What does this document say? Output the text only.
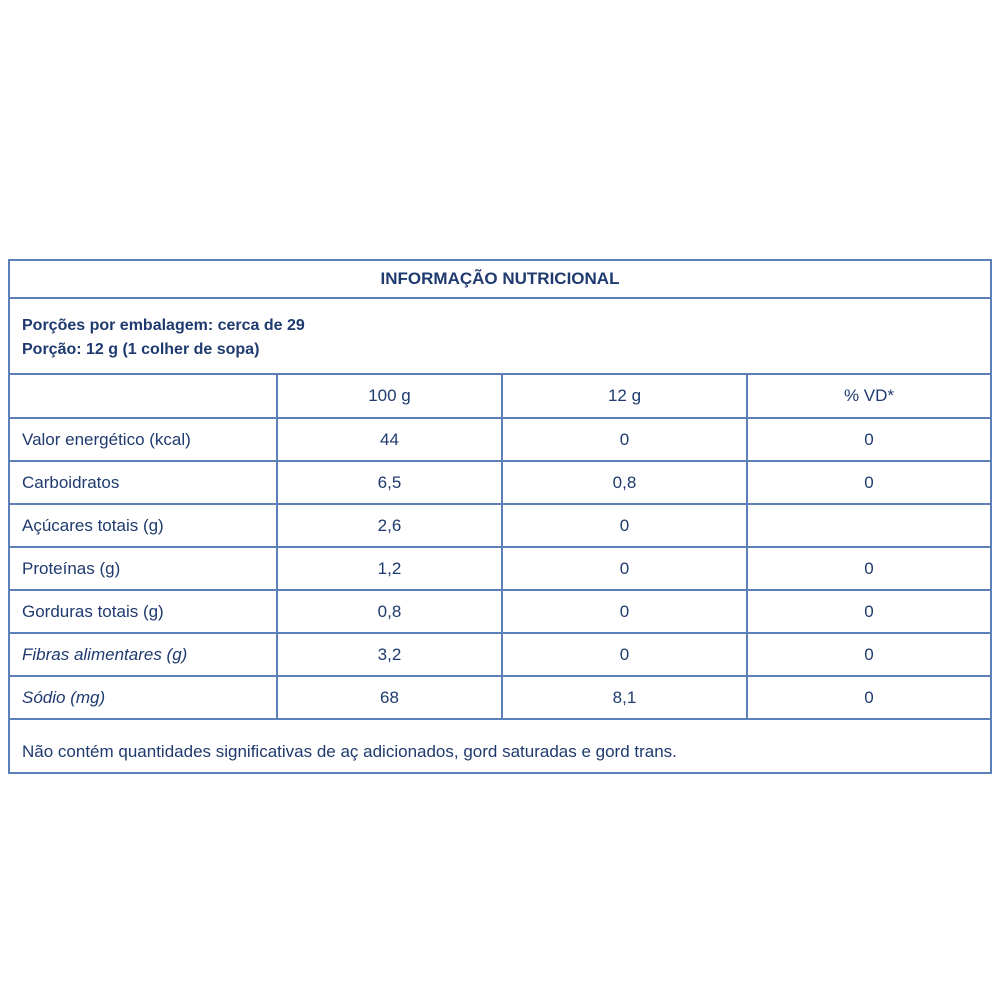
INFORMAÇÃO NUTRICIONAL
Porções por embalagem: cerca de 29
Porção: 12 g (1 colher de sopa)
	100 g	12 g	% VD*
Valor energético (kcal)	44	0	0
Carboidratos	6,5	0,8	0
Açúcares totais (g)	2,6	0	
Proteínas (g)	1,2	0	0
Gorduras totais (g)	0,8	0	0
Fibras alimentares (g)	3,2	0	0
Sódio (mg)	68	8,1	0
Não contém quantidades significativas de aç adicionados, gord saturadas e gord trans.
